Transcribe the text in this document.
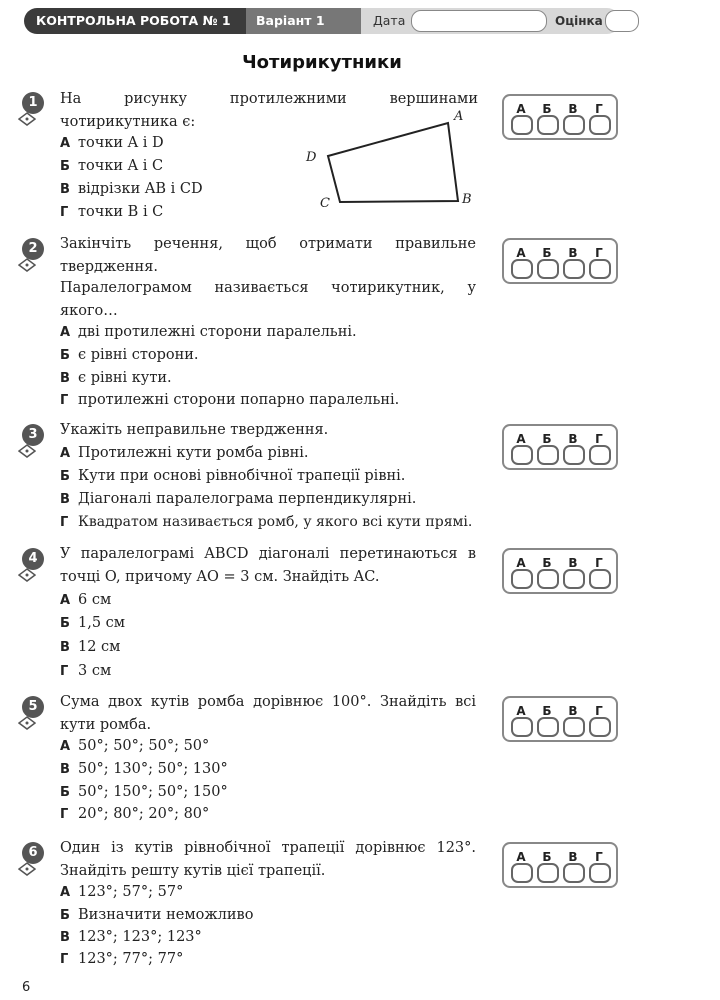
КОНТРОЛЬНА РОБОТА № 1	Варіант 1	Дата	Оцінка
Чотирикутники
1	На рисунку протилежними вершинами чотирикутника є:
А точки A і D
Б точки A і C
В відрізки AB і CD
Г точки B і C
A
B
C
D
А Б В Г
2	Закінчіть речення, щоб отримати правильне твердження.
Паралелограмом називається чотирикутник, у якого…
А дві протилежні сторони паралельні.
Б є рівні сторони.
В є рівні кути.
Г протилежні сторони попарно паралельні.
А Б В Г
3	Укажіть неправильне твердження.
А Протилежні кути ромба рівні.
Б Кути при основі рівнобічної трапеції рівні.
В Діагоналі паралелограма перпендикулярні.
Г Квадратом називається ромб, у якого всі кути прямі.
А Б В Г
4	У паралелограмі ABCD діагоналі перетинаються в точці O, причому AO = 3 см. Знайдіть AC.
А 6 см
Б 1,5 см
В 12 см
Г 3 см
А Б В Г
5	Сума двох кутів ромба дорівнює 100°. Знайдіть всі кути ромба.
А 50°; 50°; 50°; 50°
В 50°; 130°; 50°; 130°
Б 50°; 150°; 50°; 150°
Г 20°; 80°; 20°; 80°
А Б В Г
6	Один із кутів рівнобічної трапеції дорівнює 123°. Знайдіть решту кутів цієї трапеції.
А 123°; 57°; 57°
Б Визначити неможливо
В 123°; 123°; 123°
Г 123°; 77°; 77°
А Б В Г
6
